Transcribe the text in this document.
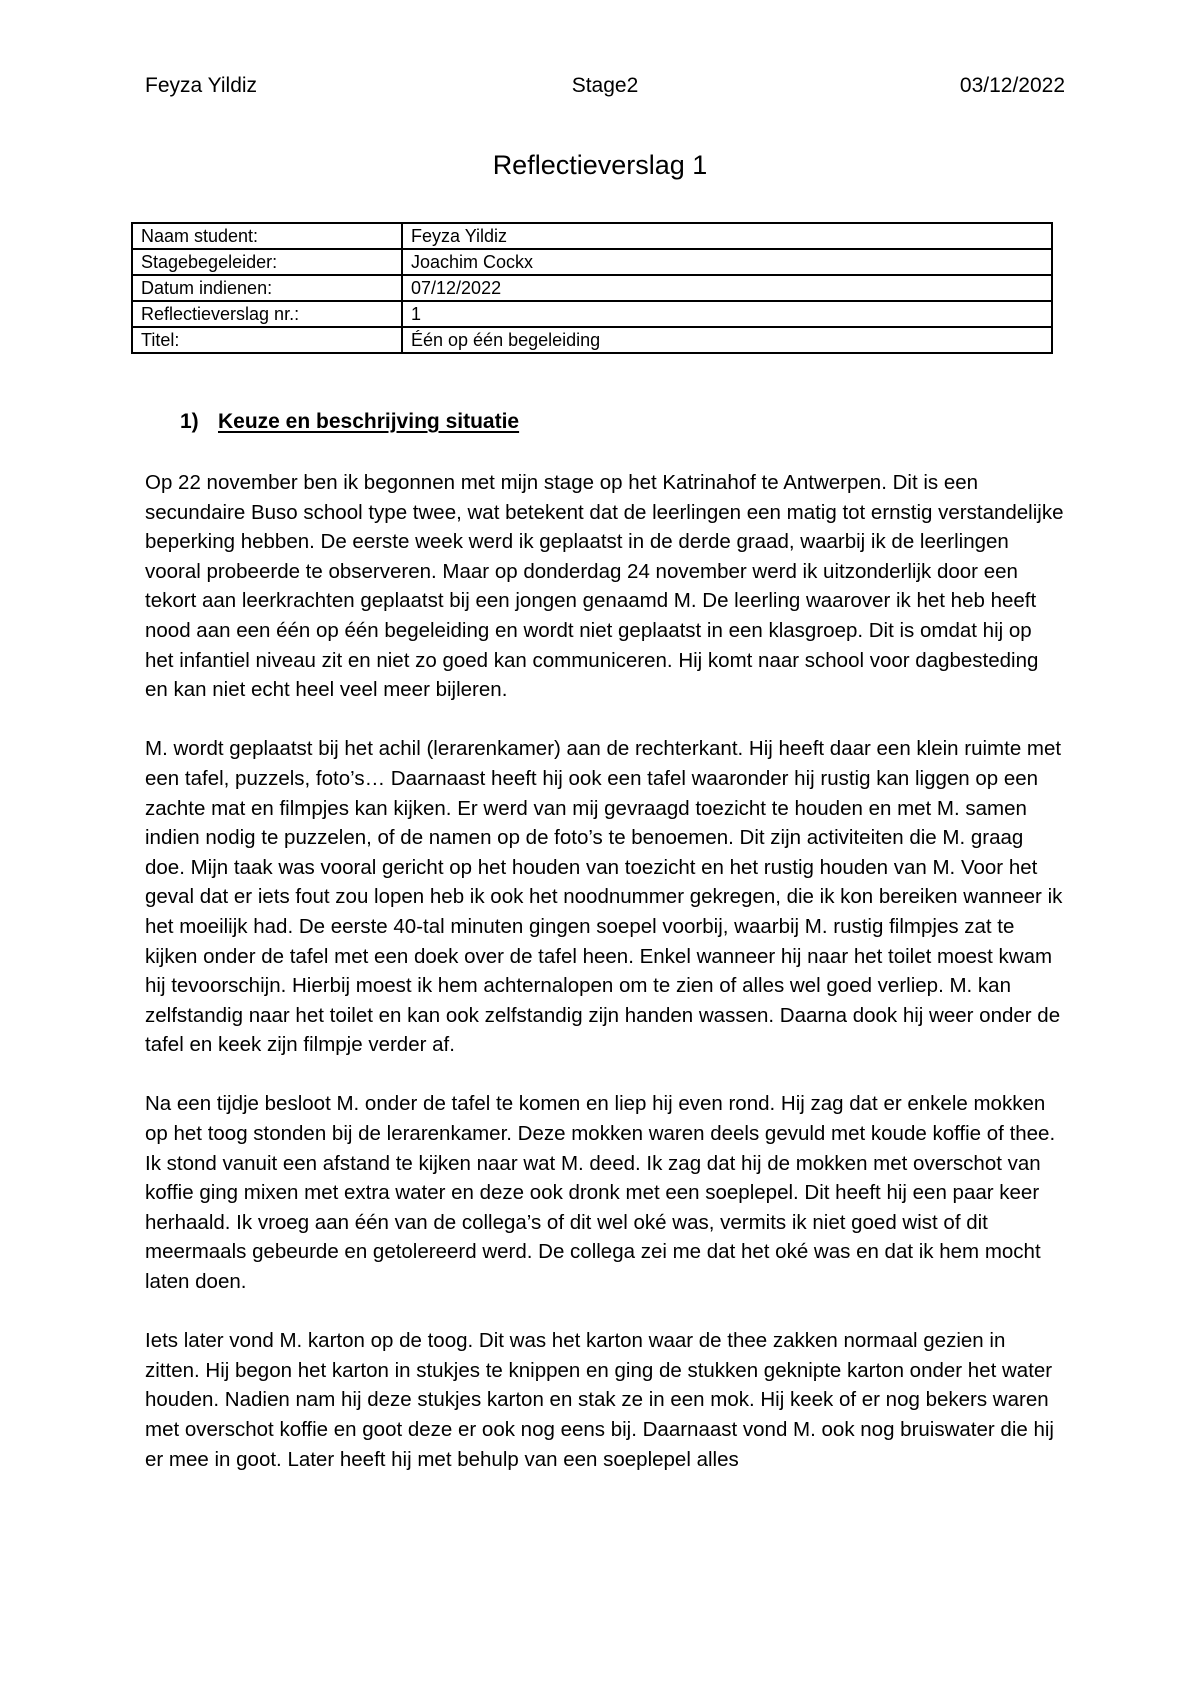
Feyza Yildiz	Stage2	03/12/2022
Reflectieverslag 1
Naam student:	Feyza Yildiz
Stagebegeleider:	Joachim Cockx
Datum indienen:	07/12/2022
Reflectieverslag nr.:	1
Titel:	Één op één begeleiding
1) Keuze en beschrijving situatie

Op 22 november ben ik begonnen met mijn stage op het Katrinahof te Antwerpen. Dit is een secundaire Buso school type twee, wat betekent dat de leerlingen een matig tot ernstig verstandelijke beperking hebben. De eerste week werd ik geplaatst in de derde graad, waarbij ik de leerlingen vooral probeerde te observeren. Maar op donderdag 24 november werd ik uitzonderlijk door een tekort aan leerkrachten geplaatst bij een jongen genaamd M. De leerling waarover ik het heb heeft nood aan een één op één begeleiding en wordt niet geplaatst in een klasgroep. Dit is omdat hij op het infantiel niveau zit en niet zo goed kan communiceren. Hij komt naar school voor dagbesteding en kan niet echt heel veel meer bijleren.

M. wordt geplaatst bij het achil (lerarenkamer) aan de rechterkant. Hij heeft daar een klein ruimte met een tafel, puzzels, foto’s… Daarnaast heeft hij ook een tafel waaronder hij rustig kan liggen op een zachte mat en filmpjes kan kijken. Er werd van mij gevraagd toezicht te houden en met M. samen indien nodig te puzzelen, of de namen op de foto’s te benoemen. Dit zijn activiteiten die M. graag doe. Mijn taak was vooral gericht op het houden van toezicht en het rustig houden van M. Voor het geval dat er iets fout zou lopen heb ik ook het noodnummer gekregen, die ik kon bereiken wanneer ik het moeilijk had. De eerste 40-tal minuten gingen soepel voorbij, waarbij M. rustig filmpjes zat te kijken onder de tafel met een doek over de tafel heen. Enkel wanneer hij naar het toilet moest kwam hij tevoorschijn. Hierbij moest ik hem achternalopen om te zien of alles wel goed verliep. M. kan zelfstandig naar het toilet en kan ook zelfstandig zijn handen wassen. Daarna dook hij weer onder de tafel en keek zijn filmpje verder af.

Na een tijdje besloot M. onder de tafel te komen en liep hij even rond. Hij zag dat er enkele mokken op het toog stonden bij de lerarenkamer. Deze mokken waren deels gevuld met koude koffie of thee. Ik stond vanuit een afstand te kijken naar wat M. deed. Ik zag dat hij de mokken met overschot van koffie ging mixen met extra water en deze ook dronk met een soeplepel. Dit heeft hij een paar keer herhaald. Ik vroeg aan één van de collega’s of dit wel oké was, vermits ik niet goed wist of dit meermaals gebeurde en getolereerd werd. De collega zei me dat het oké was en dat ik hem mocht laten doen.

Iets later vond M. karton op de toog. Dit was het karton waar de thee zakken normaal gezien in zitten. Hij begon het karton in stukjes te knippen en ging de stukken geknipte karton onder het water houden. Nadien nam hij deze stukjes karton en stak ze in een mok. Hij keek of er nog bekers waren met overschot koffie en goot deze er ook nog eens bij. Daarnaast vond M. ook nog bruiswater die hij er mee in goot. Later heeft hij met behulp van een soeplepel alles
